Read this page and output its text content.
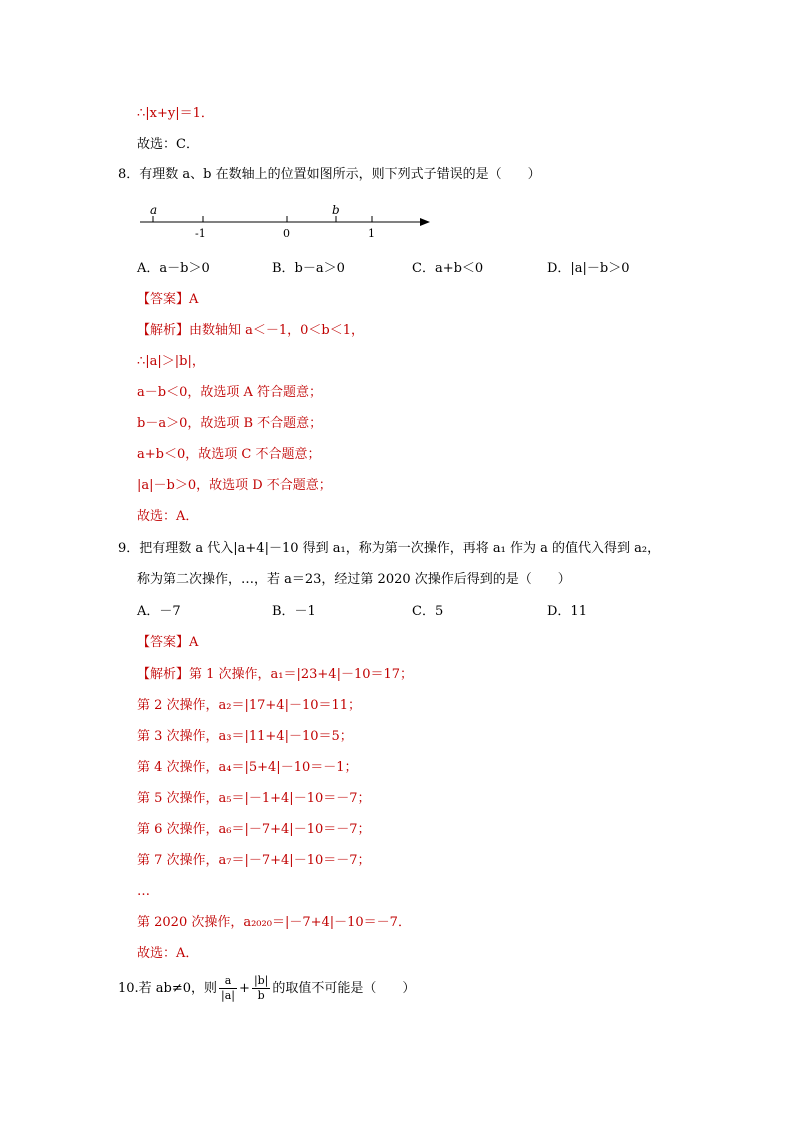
∴|x+y|＝1．
故选：C．
8．有理数 a、b 在数轴上的位置如图所示，则下列式子错误的是（　　）
a	b
-1	0	1
A．a－b＞0	B．b－a＞0	C．a+b＜0	D．|a|－b＞0
【答案】A
【解析】由数轴知 a＜－1，0＜b＜1，
∴|a|＞|b|，
a－b＜0，故选项 A 符合题意；
b－a＞0，故选项 B 不合题意；
a+b＜0，故选项 C 不合题意；
|a|－b＞0，故选项 D 不合题意；
故选：A．
9．把有理数 a 代入|a+4|－10 得到 a₁，称为第一次操作，再将 a₁ 作为 a 的值代入得到 a₂，
称为第二次操作，…，若 a＝23，经过第 2020 次操作后得到的是（　　）
A．－7	B．－1	C．5	D．11
【答案】A
【解析】第 1 次操作，a₁＝|23+4|－10＝17；
第 2 次操作，a₂＝|17+4|－10＝11；
第 3 次操作，a₃＝|11+4|－10＝5；
第 4 次操作，a₄＝|5+4|－10＝－1；
第 5 次操作，a₅＝|－1+4|－10＝－7；
第 6 次操作，a₆＝|－7+4|－10＝－7；
第 7 次操作，a₇＝|－7+4|－10＝－7；
…
第 2020 次操作，a₂₀₂₀＝|－7+4|－10＝－7．
故选：A．
10.若 ab≠0，则 $\frac{a}{|a|} + \frac{|b|}{b}$ 的取值不可能是（　　）
